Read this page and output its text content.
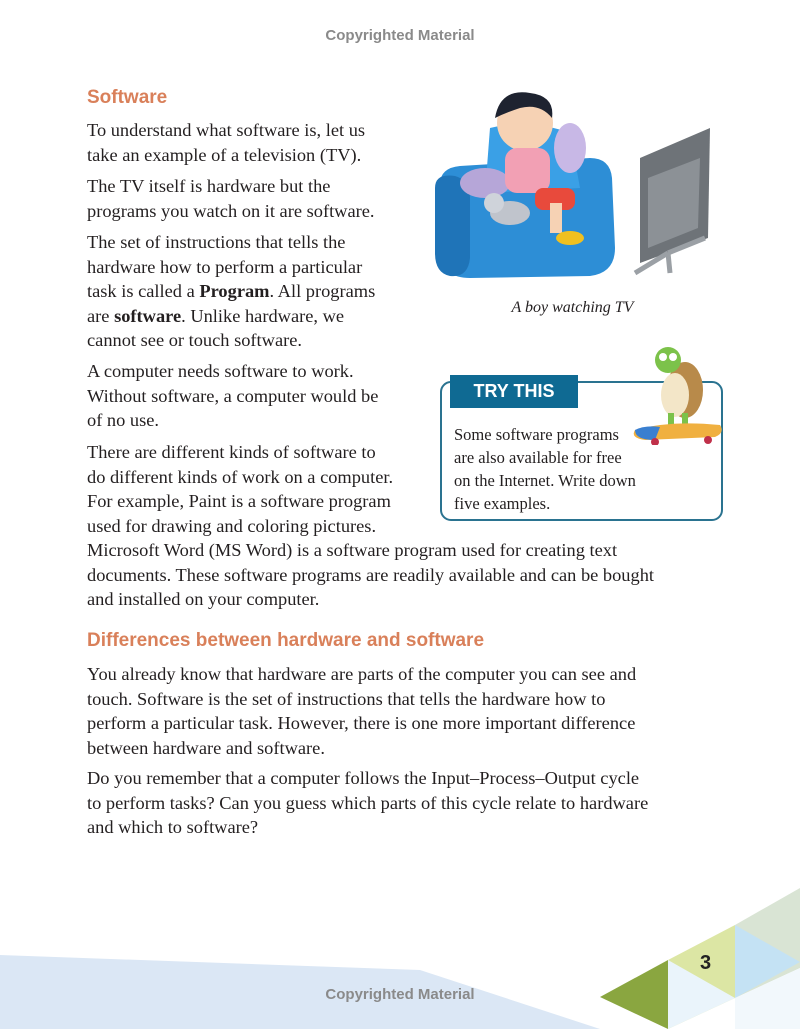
Copyrighted Material
Software

To understand what software is, let us
take an example of a television (TV).

The TV itself is hardware but the
programs you watch on it are software.

The set of instructions that tells the
hardware how to perform a particular
task is called a Program. All programs
are software. Unlike hardware, we
cannot see or touch software.

A computer needs software to work.
Without software, a computer would be
of no use.

There are different kinds of software to
do different kinds of work on a computer.
For example, Paint is a software program
used for drawing and coloring pictures.
Microsoft Word (MS Word) is a software program used for creating text
documents. These software programs are readily available and can be bought
and installed on your computer.

A boy watching TV
TRY THIS
Some software programs
are also available for free
on the Internet. Write down
five examples.
Differences between hardware and software

You already know that hardware are parts of the computer you can see and
touch. Software is the set of instructions that tells the hardware how to
perform a particular task. However, there is one more important difference
between hardware and software.

Do you remember that a computer follows the Input–Process–Output cycle
to perform tasks? Can you guess which parts of this cycle relate to hardware
and which to software?

3
Copyrighted Material
